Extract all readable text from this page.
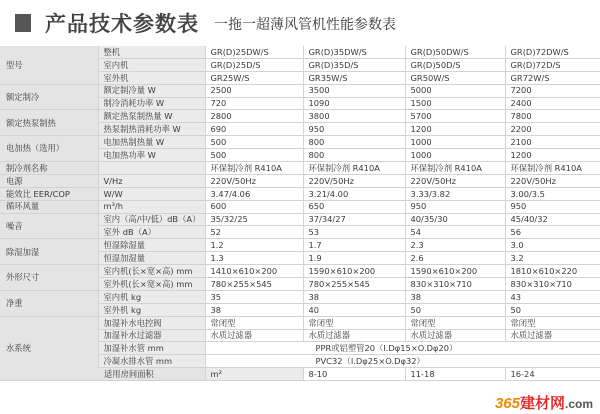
产品技术参数表 一拖一超薄风管机性能参数表
型号	整机	GR(D)25DW/S	GR(D)35DW/S	GR(D)50DW/S	GR(D)72DW/S	
	室内机	GR(D)25D/S	GR(D)35D/S	GR(D)50D/S	GR(D)72D/S	
	室外机	GR25W/S	GR35W/S	GR50W/S	GR72W/S	
额定制冷	额定制冷量 W	2500	3500	5000	7200	
	制冷消耗功率 W	720	1090	1500	2400	
额定热泵制热	额定热泵制热量 W	2800	3800	5700	7800	
	热泵制热消耗功率 W	690	950	1200	2200	
电加热（选用）	电加热制热量 W	500	800	1000	2100	
	电加热功率 W	500	800	1000	1200	
制冷剂名称		环保制冷剂 R410A	环保制冷剂 R410A	环保制冷剂 R410A	环保制冷剂 R410A	
电源	V/Hz	220V/50Hz	220V/50Hz	220V/50Hz	220V/50Hz	
能效比 EER/COP	W/W	3.47/4.06	3.21/4.00	3.33/3.82	3.00/3.5	
循环风量	m³/h	600	650	950	950	
噪音	室内（高/中/低）dB（A）	35/32/25	37/34/27	40/35/30	45/40/32	
	室外 dB（A）	52	53	54	56	
除湿加湿	恒湿除湿量	1.2	1.7	2.3	3.0	
	恒湿加湿量	1.3	1.9	2.6	3.2	
外形尺寸	室内机(长×宽×高) mm	1410×610×200	1590×610×200	1590×610×200	1810×610×220	
	室外机(长×宽×高) mm	780×255×545	780×255×545	830×310×710	830×310×710	
净重	室内机 kg	35	38	38	43	
	室外机 kg	38	40	50	50	
水系统	加湿补水电控阀	常闭型	常闭型	常闭型	常闭型	
	加湿补水过滤器	水质过滤器	水质过滤器	水质过滤器	水质过滤器	
	加湿补水管 mm	PPR或铝塑管20（I.Dφ15×O.Dφ20）				
	冷凝水排水管 mm	PVC32（I.Dφ25×O.Dφ32）				
	适用房间面积	m²	8-10	11-18	16-24	
365建材网.com
